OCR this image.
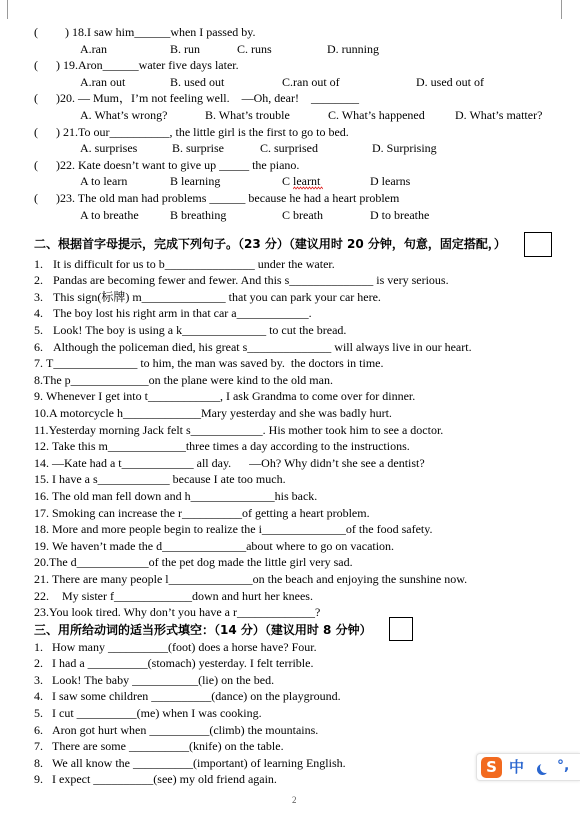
(         ) 18.I saw him______when I passed by.
A.ran	B. run	C. runs	D. running
(      ) 19.Aron______water five days later.
A.ran out	B. used out	C.ran out of	D. used out of
(      )20. — Mum，I’m not feeling well.    —Oh, dear!    ________
A. What’s wrong?	B. What’s trouble	C. What’s happened	D. What’s matter?
(      ) 21.To our__________, the little girl is the first to go to bed.
A. surprises	B. surprise	C. surprised	D. Surprising
(      )22. Kate doesn’t want to give up _____ the piano.
A to learn	B learning	C learnt	D learns
(      )23. The old man had problems ______ because he had a heart problem
A to breathe	B breathing	C breath	D to breathe
二、根据首字母提示，完成下列句子。（23 分）（建议用时 20 分钟，句意，固定搭配，）
1. It is difficult for us to b_______________ under the water.
2. Pandas are becoming fewer and fewer. And this s______________ is very serious.
3. This sign(标牌) m______________ that you can park your car here.
4. The boy lost his right arm in that car a____________.
5. Look! The boy is using a k______________ to cut the bread.
6. Although the policeman died, his great s______________ will always live in our heart.
7. T______________ to him, the man was saved by.  the doctors in time.
8.The p_____________on the plane were kind to the old man.
9. Whenever I get into t____________, I ask Grandma to come over for dinner.
10.A motorcycle h_____________Mary yesterday and she was badly hurt.
11.Yesterday morning Jack felt s____________. His mother took him to see a doctor.
12. Take this m_____________three times a day according to the instructions.
14. —Kate had a t____________ all day.      —Oh? Why didn’t she see a dentist?
15. I have a s____________ because I ate too much.
16. The old man fell down and h______________his back.
17. Smoking can increase the r__________of getting a heart problem.
18. More and more people begin to realize the i______________of the food safety.
19. We haven’t made the d______________about where to go on vacation.
20.The d____________of the pet dog made the little girl very sad.
21. There are many people l______________on the beach and enjoying the sunshine now.
22. My sister f_____________down and hurt her knees.
23.You look tired. Why don’t you have a r_____________?
三、用所给动词的适当形式填空：（14 分）（建议用时 8 分钟）
1. How many __________(foot) does a horse have? Four.
2. I had a __________(stomach) yesterday. I felt terrible.
3. Look! The baby ___________(lie) on the bed.
4. I saw some children __________(dance) on the playground.
5. I cut __________(me) when I was cooking.
6. Aron got hurt when __________(climb) the mountains.
7. There are some __________(knife) on the table.
8. We all know the __________(important) of learning English.
9. I expect __________(see) my old friend again.
2
S 中 °,
